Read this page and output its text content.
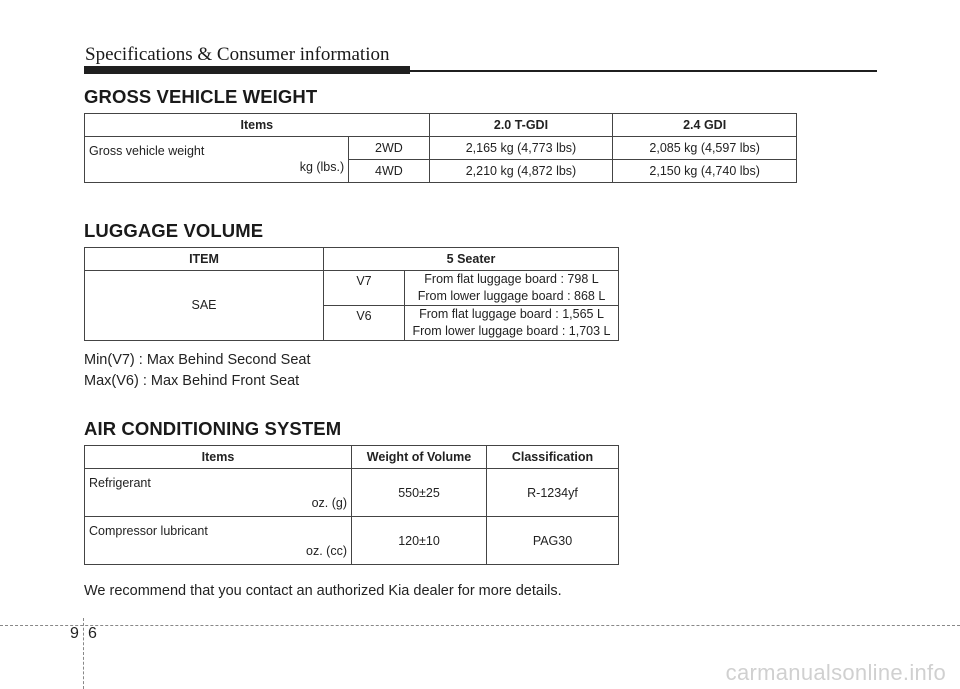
Specifications & Consumer information
GROSS VEHICLE WEIGHT
Items		2.0 T-GDI	2.4 GDI
Gross vehicle weight
kg (lbs.)	2WD	2,165 kg (4,773 lbs)	2,085 kg (4,597 lbs)
	4WD	2,210 kg (4,872 lbs)	2,150 kg (4,740 lbs)
LUGGAGE VOLUME
ITEM	5 Seater	
SAE	V7	From flat luggage board : 798 L
From lower luggage board : 868 L

	V6	From flat luggage board : 1,565 L
From lower luggage board : 1,703 L

Min(V7) : Max Behind Second Seat

Max(V6) : Max Behind Front Seat

AIR CONDITIONING SYSTEM
Items	Weight of Volume	Classification
Refrigerant
oz. (g)	550±25	R-1234yf
Compressor lubricant
oz. (cc)	120±10	PAG30

We recommend that you contact an authorized Kia dealer for more details.

9 6
carmanualsonline.info
